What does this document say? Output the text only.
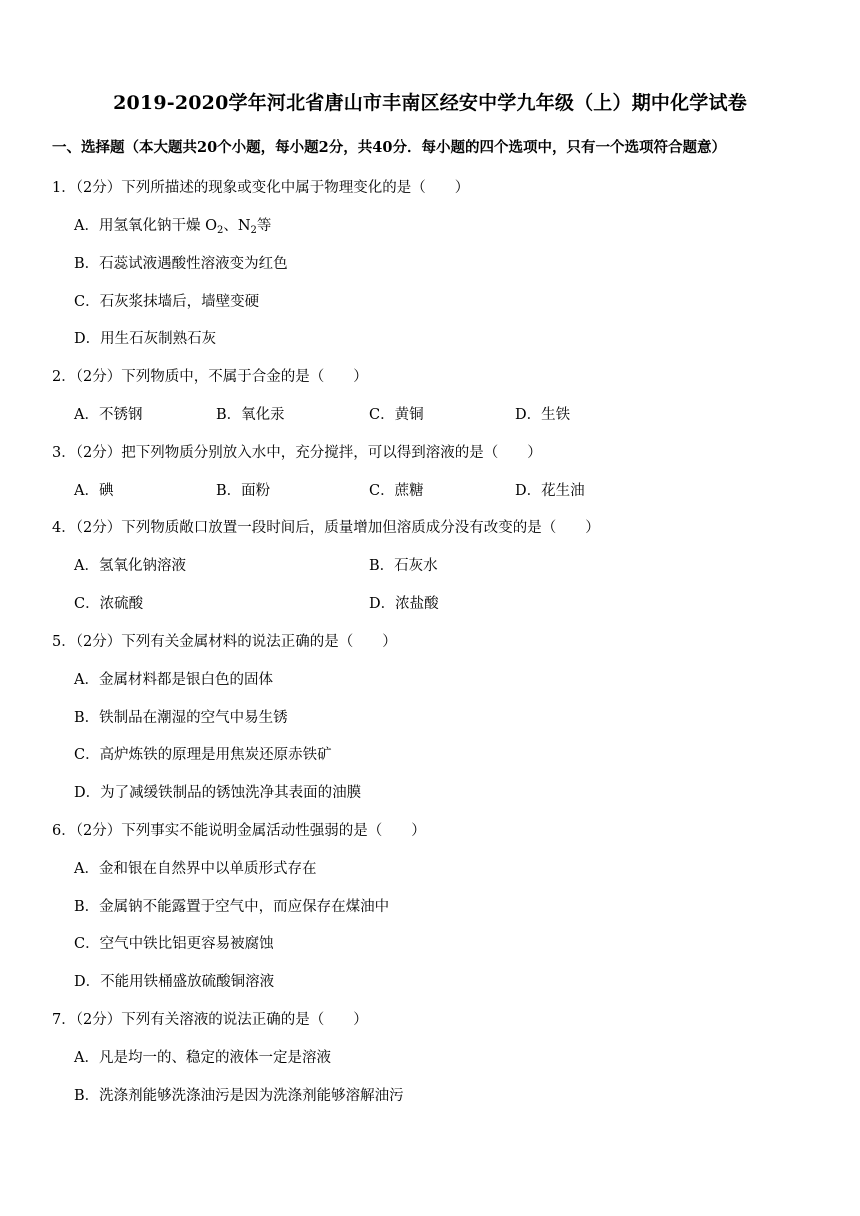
2019-2020学年河北省唐山市丰南区经安中学九年级（上）期中化学试卷
一、选择题（本大题共20个小题，每小题2分，共40分．每小题的四个选项中，只有一个选项符合题意）
1．（2分）下列所描述的现象或变化中属于物理变化的是（　　）
A．用氢氧化钠干燥 $O_2$、$N_2$等
B．石蕊试液遇酸性溶液变为红色
C．石灰浆抹墙后，墙壁变硬
D．用生石灰制熟石灰
2．（2分）下列物质中，不属于合金的是（　　）
A．不锈钢	B．氧化汞	C．黄铜	D．生铁
3．（2分）把下列物质分别放入水中，充分搅拌，可以得到溶液的是（　　）
A．碘	B．面粉	C．蔗糖	D．花生油
4．（2分）下列物质敞口放置一段时间后，质量增加但溶质成分没有改变的是（　　）
A．氢氧化钠溶液	B．石灰水
C．浓硫酸	D．浓盐酸
5．（2分）下列有关金属材料的说法正确的是（　　）
A．金属材料都是银白色的固体
B．铁制品在潮湿的空气中易生锈
C．高炉炼铁的原理是用焦炭还原赤铁矿
D．为了减缓铁制品的锈蚀洗净其表面的油膜
6．（2分）下列事实不能说明金属活动性强弱的是（　　）
A．金和银在自然界中以单质形式存在
B．金属钠不能露置于空气中，而应保存在煤油中
C．空气中铁比铝更容易被腐蚀
D．不能用铁桶盛放硫酸铜溶液
7．（2分）下列有关溶液的说法正确的是（　　）
A．凡是均一的、稳定的液体一定是溶液
B．洗涤剂能够洗涤油污是因为洗涤剂能够溶解油污
